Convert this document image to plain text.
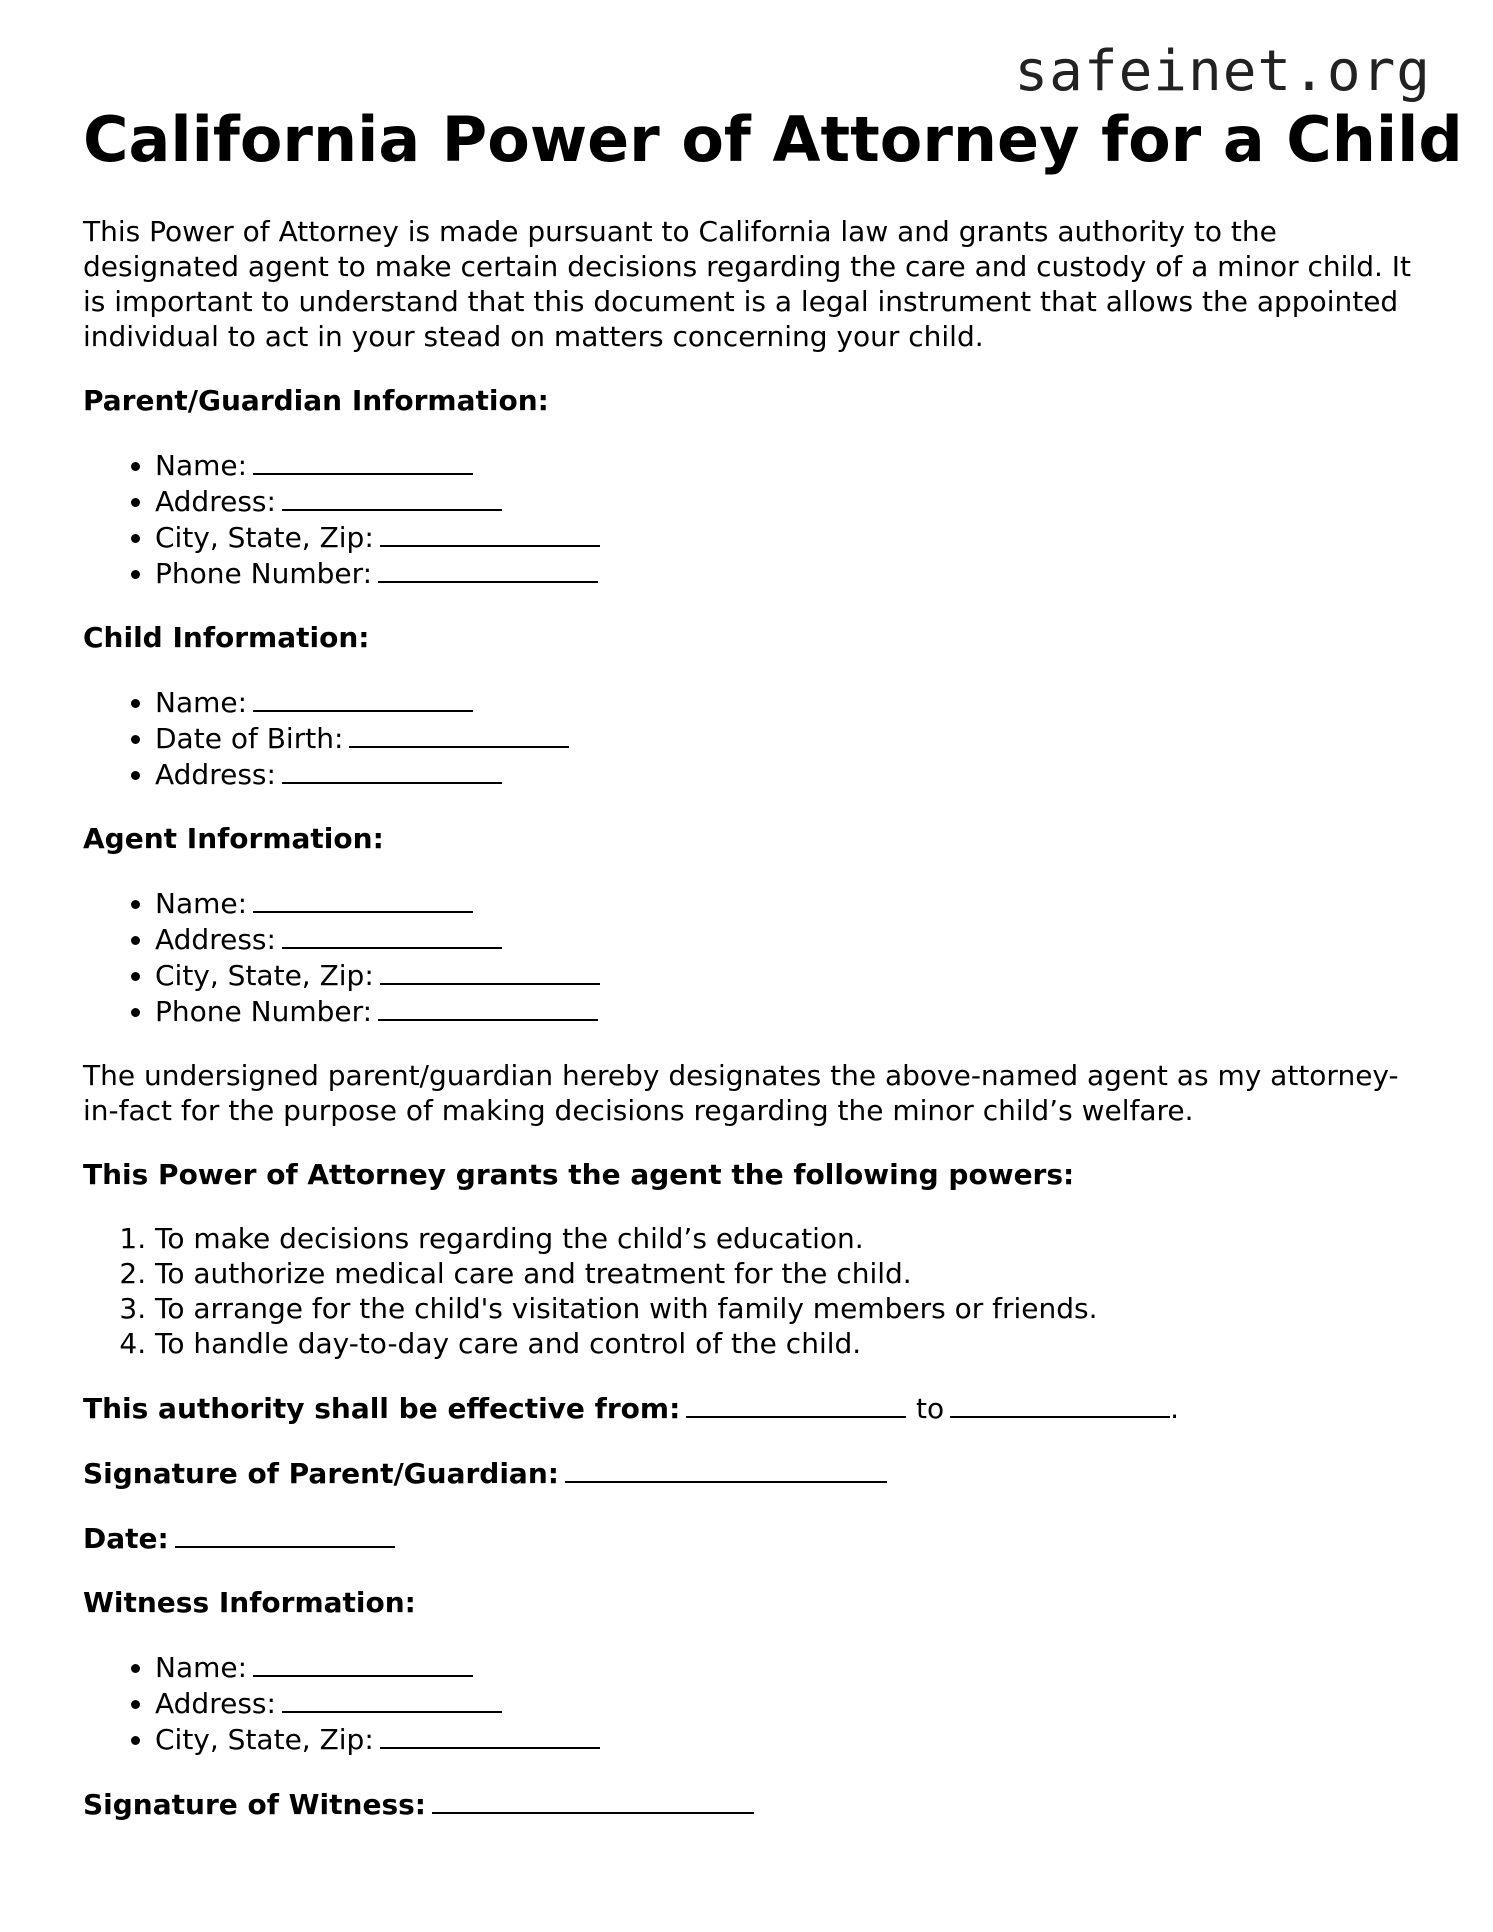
safeinet.org
California Power of Attorney for a Child

This Power of Attorney is made pursuant to California law and grants authority to the designated agent to make certain decisions regarding the care and custody of a minor child. It is important to understand that this document is a legal instrument that allows the appointed individual to act in your stead on matters concerning your child.

Parent/Guardian Information:
• Name:
• Address:
• City, State, Zip:
• Phone Number:
Child Information:
• Name:
• Date of Birth:
• Address:
Agent Information:
• Name:
• Address:
• City, State, Zip:
• Phone Number:

The undersigned parent/guardian hereby designates the above-named agent as my attorney-in-fact for the purpose of making decisions regarding the minor child’s welfare.

This Power of Attorney grants the agent the following powers:
1. To make decisions regarding the child’s education.
2. To authorize medical care and treatment for the child.
3. To arrange for the child's visitation with family members or friends.
4. To handle day-to-day care and control of the child.
This authority shall be effective from:	to	.
Signature of Parent/Guardian:
Date:
Witness Information:
• Name:
• Address:
• City, State, Zip:
Signature of Witness:
